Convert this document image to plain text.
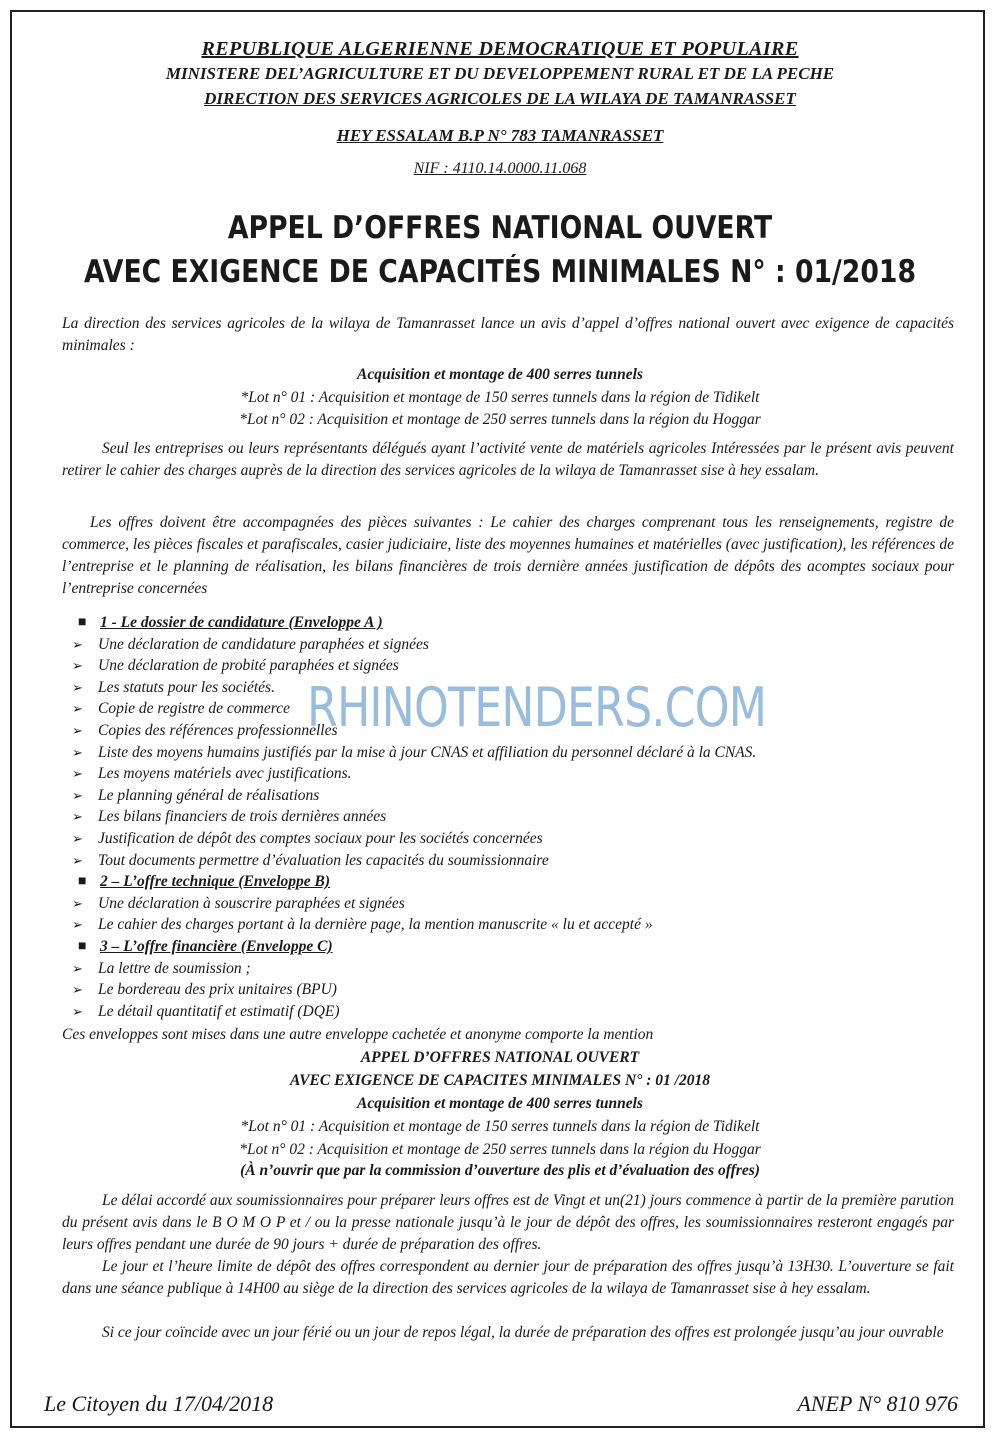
REPUBLIQUE ALGERIENNE DEMOCRATIQUE ET POPULAIRE
MINISTERE DEL’AGRICULTURE ET DU DEVELOPPEMENT RURAL ET DE LA PECHE
DIRECTION DES SERVICES AGRICOLES DE LA WILAYA DE TAMANRASSET
HEY ESSALAM B.P N° 783 TAMANRASSET
NIF : 4110.14.0000.11.068
APPEL D’OFFRES NATIONAL OUVERT
AVEC EXIGENCE DE CAPACITÉS MINIMALES N° : 01/2018
La direction des services agricoles de la wilaya de Tamanrasset lance un avis d’appel d’offres national ouvert avec exigence de capacités minimales :
Acquisition et montage de 400 serres tunnels
*Lot n° 01 : Acquisition et montage de 150 serres tunnels dans la région de Tidikelt
*Lot n° 02 : Acquisition et montage de 250 serres tunnels dans la région du Hoggar
Seul les entreprises ou leurs représentants délégués ayant l’activité vente de matériels agricoles Intéressées par le présent avis peuvent retirer le cahier des charges auprès de la direction des services agricoles de la wilaya de Tamanrasset sise à hey essalam.
Les offres doivent être accompagnées des pièces suivantes : Le cahier des charges comprenant tous les renseignements, registre de commerce, les pièces fiscales et parafiscales, casier judiciaire, liste des moyennes humaines et matérielles (avec justification), les références de l’entreprise et le planning de réalisation, les bilans financières de trois dernière années justification de dépôts des acomptes sociaux pour l’entreprise concernées
■ 1 - Le dossier de candidature (Enveloppe A )
➢ Une déclaration de candidature paraphées et signées
➢ Une déclaration de probité paraphées et signées
➢ Les statuts pour les sociétés.
➢ Copie de registre de commerce
➢ Copies des références professionnelles
➢ Liste des moyens humains justifiés par la mise à jour CNAS et affiliation du personnel déclaré à la CNAS.
➢ Les moyens matériels avec justifications.
➢ Le planning général de réalisations
➢ Les bilans financiers de trois dernières années
➢ Justification de dépôt des comptes sociaux pour les sociétés concernées
➢ Tout documents permettre d’évaluation les capacités du soumissionnaire
■ 2 – L’offre technique (Enveloppe B)
➢ Une déclaration à souscrire paraphées et signées
➢ Le cahier des charges portant à la dernière page, la mention manuscrite « lu et accepté »
■ 3 – L’offre financière (Enveloppe C)
➢ La lettre de soumission ;
➢ Le bordereau des prix unitaires (BPU)
➢ Le détail quantitatif et estimatif (DQE)
Ces enveloppes sont mises dans une autre enveloppe cachetée et anonyme comporte la mention
APPEL D’OFFRES NATIONAL OUVERT
AVEC EXIGENCE DE CAPACITES MINIMALES N° : 01 /2018
Acquisition et montage de 400 serres tunnels
*Lot n° 01 : Acquisition et montage de 150 serres tunnels dans la région de Tidikelt
*Lot n° 02 : Acquisition et montage de 250 serres tunnels dans la région du Hoggar
(À n’ouvrir que par la commission d’ouverture des plis et d’évaluation des offres)
Le délai accordé aux soumissionnaires pour préparer leurs offres est de Vingt et un(21) jours commence à partir de la première parution du présent avis dans le B O M O P et / ou la presse nationale jusqu’à le jour de dépôt des offres, les soumissionnaires resteront engagés par leurs offres pendant une durée de 90 jours + durée de préparation des offres.
Le jour et l’heure limite de dépôt des offres correspondent au dernier jour de préparation des offres jusqu’à 13H30. L’ouverture se fait dans une séance publique à 14H00 au siège de la direction des services agricoles de la wilaya de Tamanrasset sise à hey essalam.
Si ce jour coïncide avec un jour férié ou un jour de repos légal, la durée de préparation des offres est prolongée jusqu’au jour ouvrable
RHINOTENDERS.COM
Le Citoyen du 17/04/2018	ANEP N° 810 976
